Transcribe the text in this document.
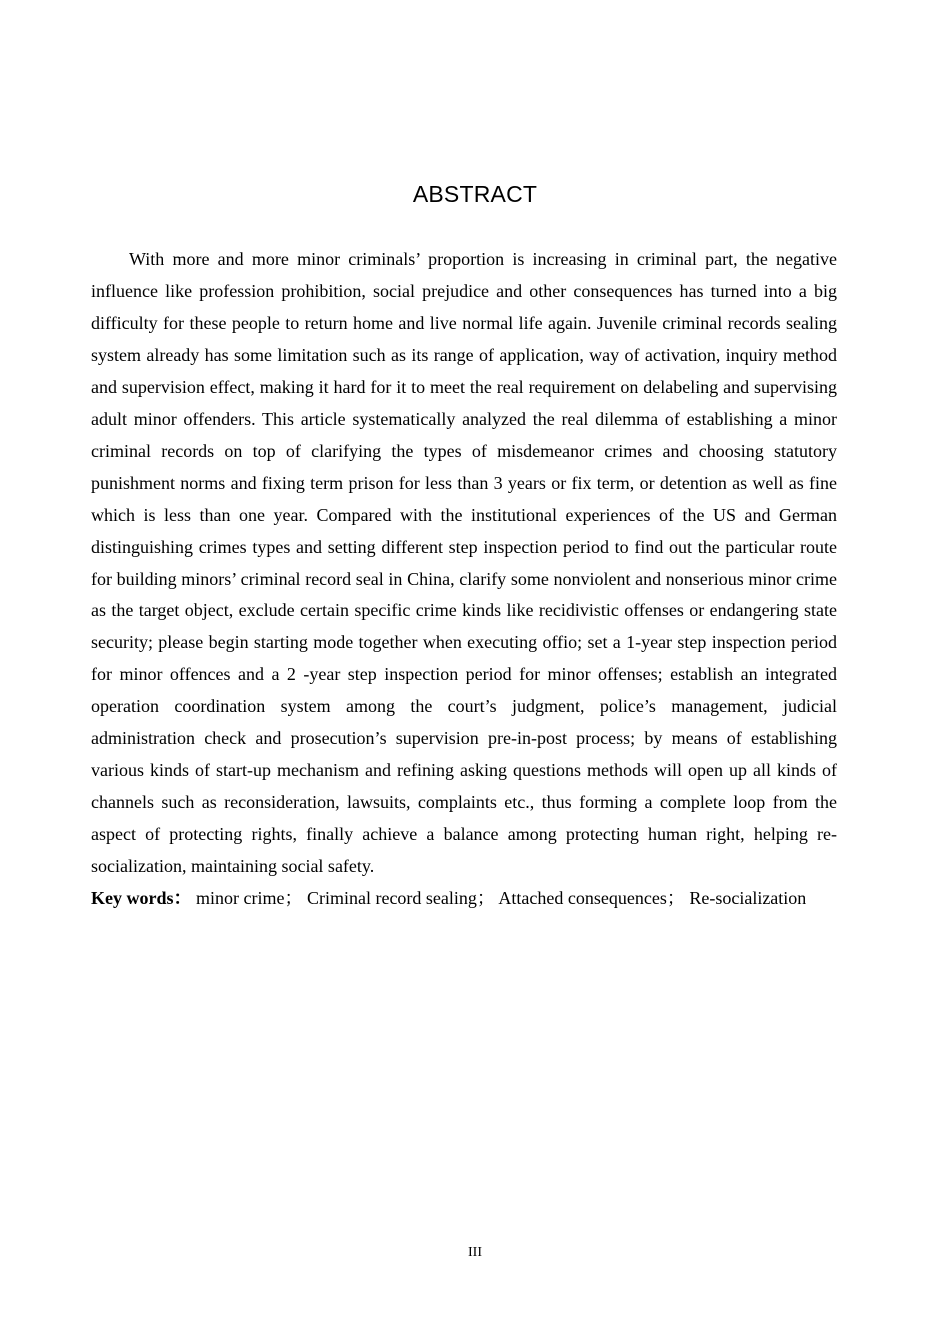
ABSTRACT

With more and more minor criminals’ proportion is increasing in criminal part, the negative influence like profession prohibition, social prejudice and other consequences has turned into a big difficulty for these people to return home and live normal life again. Juvenile criminal records sealing system already has some limitation such as its range of application, way of activation, inquiry method and supervision effect, making it hard for it to meet the real requirement on delabeling and supervising adult minor offenders. This article systematically analyzed the real dilemma of establishing a minor criminal records on top of clarifying the types of misdemeanor crimes and choosing statutory punishment norms and fixing term prison for less than 3 years or fix term, or detention as well as fine which is less than one year. Compared with the institutional experiences of the US and German distinguishing crimes types and setting different step inspection period to find out the particular route for building minors’ criminal record seal in China, clarify some nonviolent and nonserious minor crime as the target object, exclude certain specific crime kinds like recidivistic offenses or endangering state security; please begin starting mode together when executing offio; set a 1-year step inspection period for minor offences and a 2 -year step inspection period for minor offenses; establish an integrated operation coordination system among the court’s judgment, police’s management, judicial administration check and prosecution’s supervision pre-in-post process; by means of establishing various kinds of start-up mechanism and refining asking questions methods will open up all kinds of channels such as reconsideration, lawsuits, complaints etc., thus forming a complete loop from the aspect of protecting rights, finally achieve a balance among protecting human right, helping re-socialization, maintaining social safety.

Key words： minor crime； Criminal record sealing； Attached consequences； Re-socialization

III
